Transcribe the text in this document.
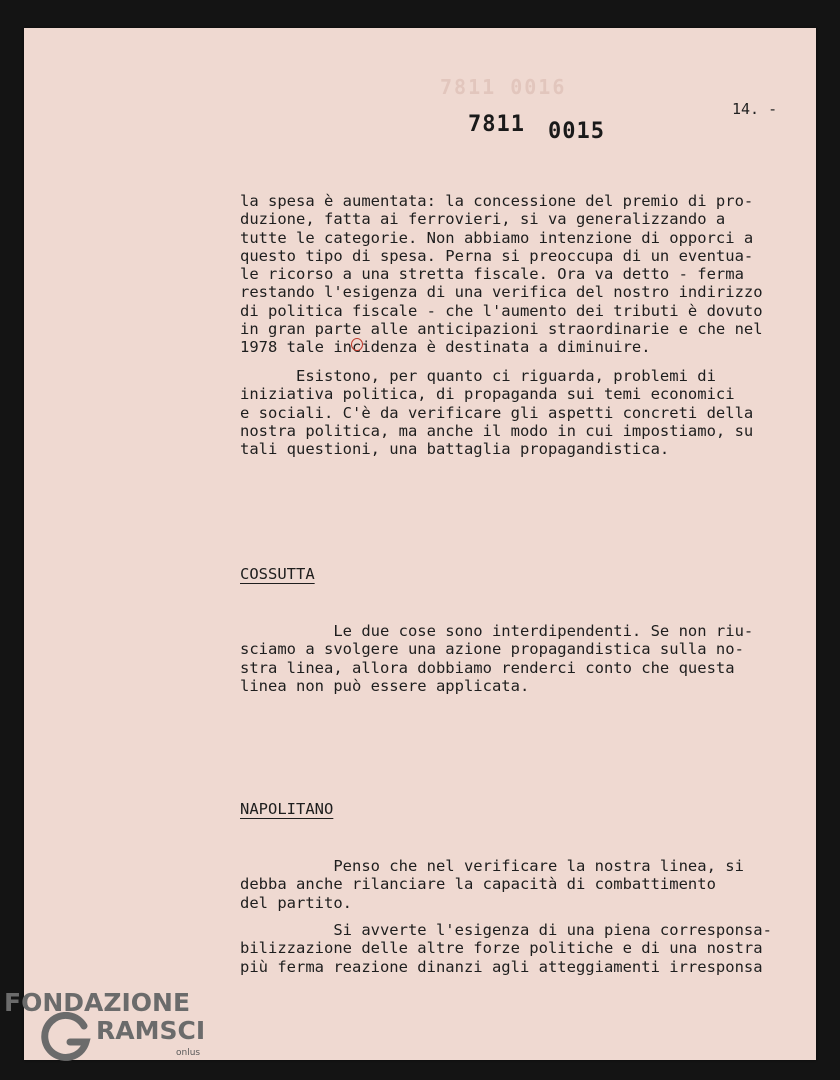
7811 0016
7811 0015
14. -
la spesa è aumentata: la concessione del premio di pro-
duzione, fatta ai ferrovieri, si va generalizzando a
tutte le categorie. Non abbiamo intenzione di opporci a
questo tipo di spesa. Perna si preoccupa di un eventua-
le ricorso a una stretta fiscale. Ora va detto - ferma
restando l'esigenza di una verifica del nostro indirizzo
di politica fiscale - che l'aumento dei tributi è dovuto
in gran parte alle anticipazioni straordinarie e che nel
1978 tale incidenza è destinata a diminuire.
Esistono, per quanto ci riguarda, problemi di
iniziativa politica, di propaganda sui temi economici
e sociali. C'è da verificare gli aspetti concreti della
nostra politica, ma anche il modo in cui impostiamo, su
tali questioni, una battaglia propagandistica.
COSSUTTA
Le due cose sono interdipendenti. Se non riu-
sciamo a svolgere una azione propagandistica sulla no-
stra linea, allora dobbiamo renderci conto che questa
linea non può essere applicata.
NAPOLITANO
Penso che nel verificare la nostra linea, si
debba anche rilanciare la capacità di combattimento
del partito.
Si avverte l'esigenza di una piena corresponsa-
bilizzazione delle altre forze politiche e di una nostra
più ferma reazione dinanzi agli atteggiamenti irresponsa
FONDAZIONE
RAMSCI
onlus
